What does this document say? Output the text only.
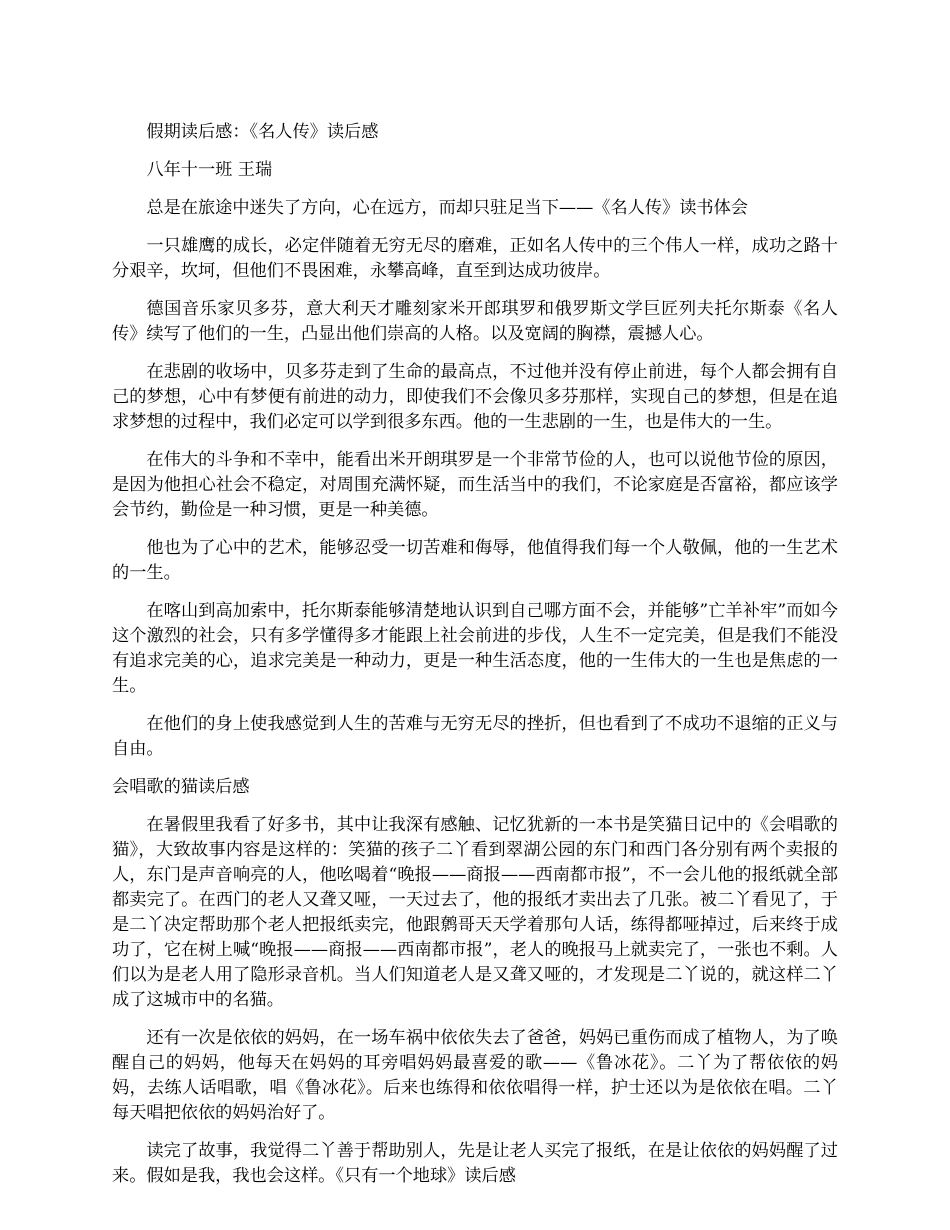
假期读后感：《名人传》读后感

八年十一班 王瑞

总是在旅途中迷失了方向，心在远方，而却只驻足当下——《名人传》读书体会

一只雄鹰的成长，必定伴随着无穷无尽的磨难，正如名人传中的三个伟人一样，成功之路十分艰辛，坎坷，但他们不畏困难，永攀高峰，直至到达成功彼岸。

德国音乐家贝多芬，意大利天才雕刻家米开郎琪罗和俄罗斯文学巨匠列夫托尔斯泰《名人传》续写了他们的一生，凸显出他们崇高的人格。以及宽阔的胸襟，震撼人心。

在悲剧的收场中，贝多芬走到了生命的最高点，不过他并没有停止前进，每个人都会拥有自己的梦想，心中有梦便有前进的动力，即使我们不会像贝多芬那样，实现自己的梦想，但是在追求梦想的过程中，我们必定可以学到很多东西。他的一生悲剧的一生，也是伟大的一生。

在伟大的斗争和不幸中，能看出米开朗琪罗是一个非常节俭的人，也可以说他节俭的原因，是因为他担心社会不稳定，对周围充满怀疑，而生活当中的我们，不论家庭是否富裕，都应该学会节约，勤俭是一种习惯，更是一种美德。

他也为了心中的艺术，能够忍受一切苦难和侮辱，他值得我们每一个人敬佩，他的一生艺术的一生。

在喀山到高加索中，托尔斯泰能够清楚地认识到自己哪方面不会，并能够”亡羊补牢”而如今这个激烈的社会，只有多学懂得多才能跟上社会前进的步伐，人生不一定完美，但是我们不能没有追求完美的心，追求完美是一种动力，更是一种生活态度，他的一生伟大的一生也是焦虑的一生。

在他们的身上使我感觉到人生的苦难与无穷无尽的挫折，但也看到了不成功不退缩的正义与自由。

会唱歌的猫读后感

在暑假里我看了好多书，其中让我深有感触、记忆犹新的一本书是笑猫日记中的《会唱歌的猫》，大致故事内容是这样的：笑猫的孩子二丫看到翠湖公园的东门和西门各分别有两个卖报的人，东门是声音响亮的人，他吆喝着“晚报——商报——西南都市报”，不一会儿他的报纸就全部都卖完了。在西门的老人又聋又哑，一天过去了，他的报纸才卖出去了几张。被二丫看见了，于是二丫决定帮助那个老人把报纸卖完，他跟鹩哥天天学着那句人话，练得都哑掉过，后来终于成功了，它在树上喊“晚报——商报——西南都市报”，老人的晚报马上就卖完了，一张也不剩。人们以为是老人用了隐形录音机。当人们知道老人是又聋又哑的，才发现是二丫说的，就这样二丫成了这城市中的名猫。

还有一次是依依的妈妈，在一场车祸中依依失去了爸爸，妈妈已重伤而成了植物人，为了唤醒自己的妈妈，他每天在妈妈的耳旁唱妈妈最喜爱的歌——《鲁冰花》。二丫为了帮依依的妈妈，去练人话唱歌，唱《鲁冰花》。后来也练得和依依唱得一样，护士还以为是依依在唱。二丫每天唱把依依的妈妈治好了。

读完了故事，我觉得二丫善于帮助别人，先是让老人买完了报纸，在是让依依的妈妈醒了过来。假如是我，我也会这样。《只有一个地球》读后感
